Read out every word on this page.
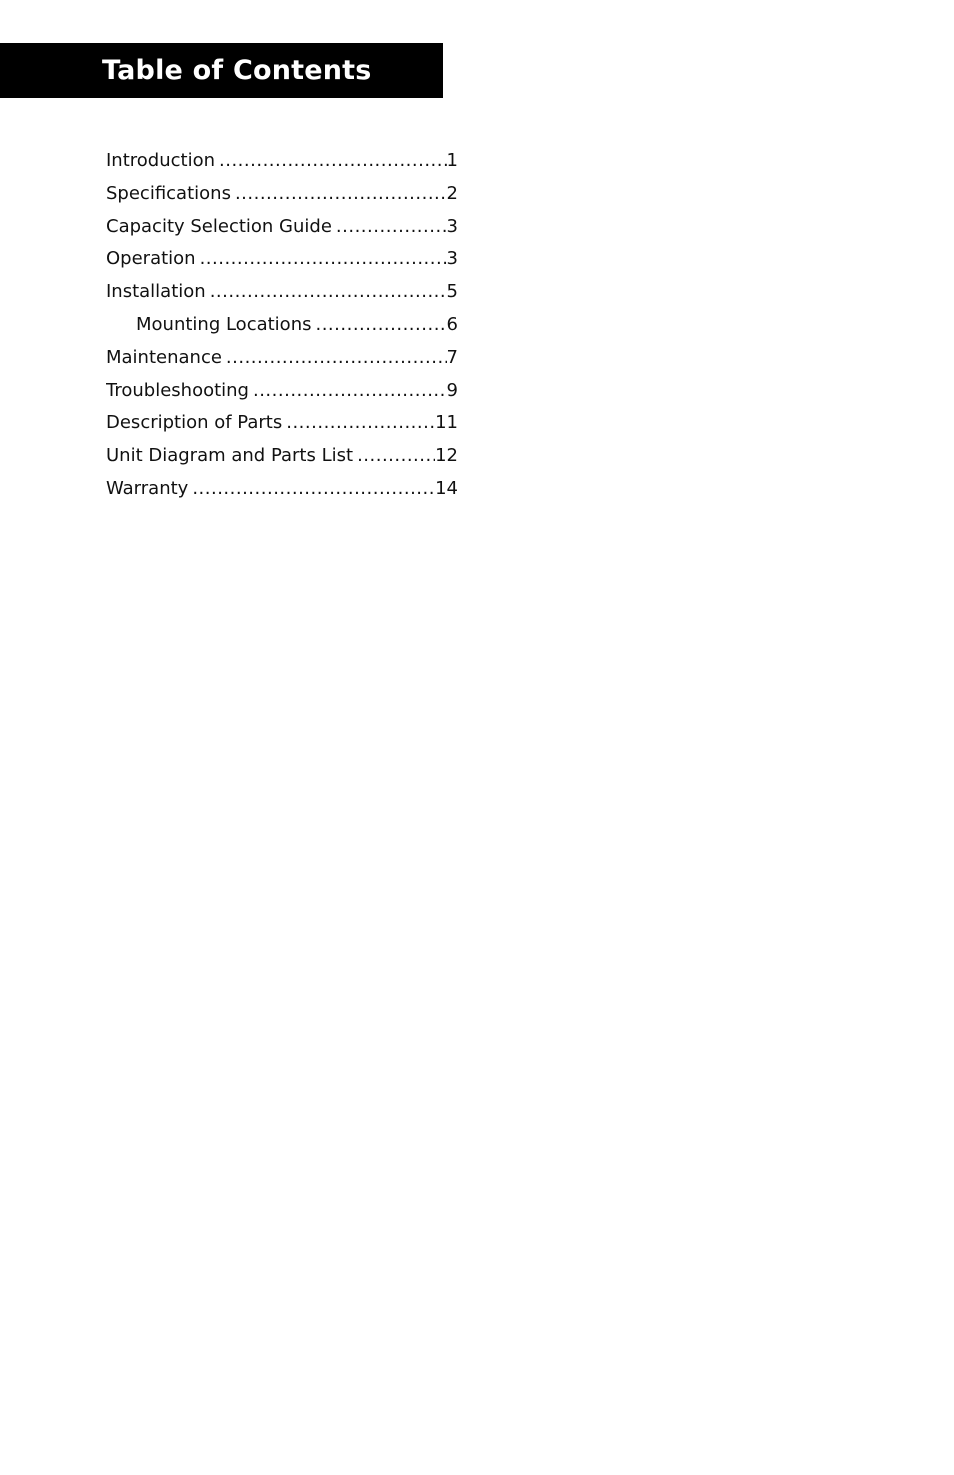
Table of Contents
Introduction .....	1
Specifications .....	2
Capacity Selection Guide .....	3
Operation .....	3
Installation .....	5
Mounting Locations .....	6
Maintenance .....	7
Troubleshooting .....	9
Description of Parts .....	11
Unit Diagram and Parts List .....	12
Warranty .....	14
